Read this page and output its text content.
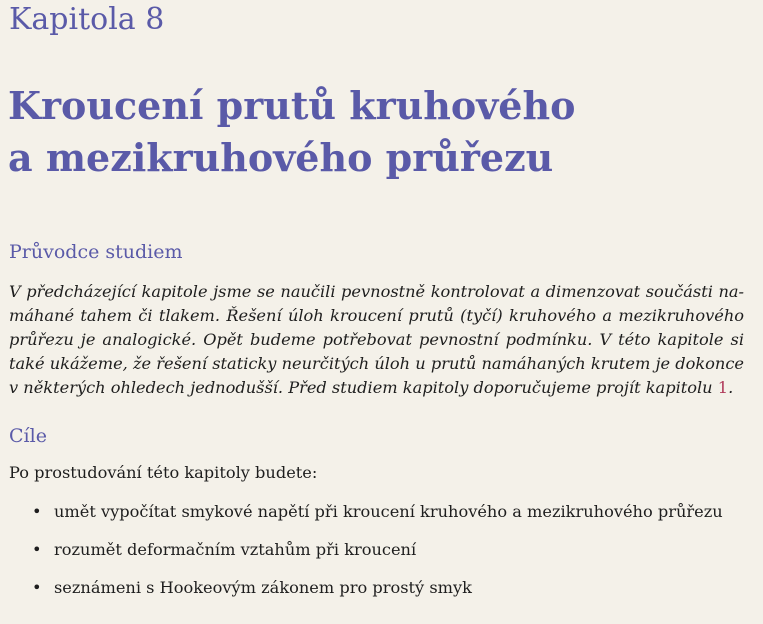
Kapitola 8
Kroucení prutů kruhového
a mezikruhového průřezu
Průvodce studiem
V předcházející kapitole jsme se naučili pevnostně kontrolovat a dimenzovat součásti na-
máhané tahem či tlakem. Řešení úloh kroucení prutů (tyčí) kruhového a mezikruhového
průřezu je analogické. Opět budeme potřebovat pevnostní podmínku. V této kapitole si
také ukážeme, že řešení staticky neurčitých úloh u prutů namáhaných krutem je dokonce
v některých ohledech jednodušší. Před studiem kapitoly doporučujeme projít kapitolu 1.
Cíle
Po prostudování této kapitoly budete:
• umět vypočítat smykové napětí při kroucení kruhového a mezikruhového průřezu
• rozumět deformačním vztahům při kroucení
• seznámeni s Hookeovým zákonem pro prostý smyk
